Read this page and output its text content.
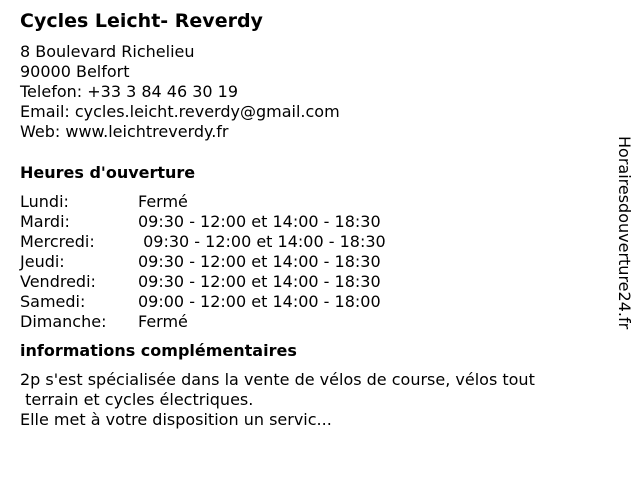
Cycles Leicht- Reverdy
8 Boulevard Richelieu
90000 Belfort
Telefon: +33 3 84 46 30 19
Email: cycles.leicht.reverdy@gmail.com
Web: www.leichtreverdy.fr
Heures d'ouverture
Lundi:	Fermé
Mardi:	09:30 - 12:00 et 14:00 - 18:30
Mercredi:	09:30 - 12:00 et 14:00 - 18:30
Jeudi:	09:30 - 12:00 et 14:00 - 18:30
Vendredi:	09:30 - 12:00 et 14:00 - 18:30
Samedi:	09:00 - 12:00 et 14:00 - 18:00
Dimanche:	Fermé
informations complémentaires
2p s'est spécialisée dans la vente de vélos de course, vélos tout
terrain et cycles électriques.
Elle met à votre disposition un servic...
Horairesdouverture24.fr
